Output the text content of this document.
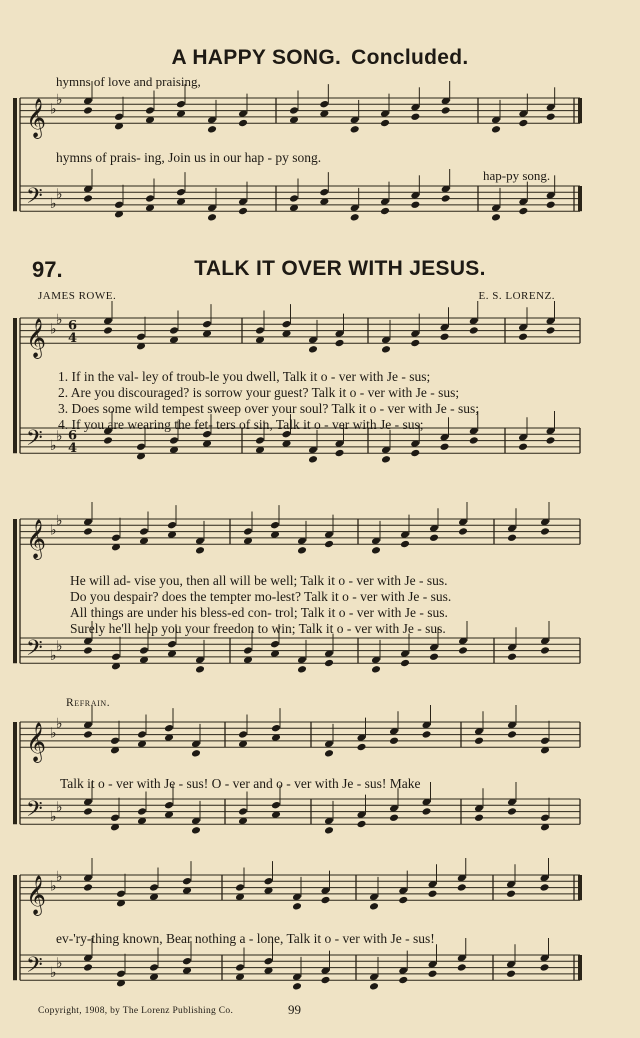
𝄞 ♭
♭
𝄢 ♭
♭
𝄞 ♭
♭ 6
4
𝄢 ♭
♭ 6
4
𝄞 ♭
♭
𝄢 ♭
♭
𝄞 ♭
♭
𝄢 ♭
♭
𝄞 ♭
♭
𝄢 ♭
♭
A HAPPY SONG. Concluded.
hymns of love and praising,
hymns of prais- ing, Join us in our hap - py song.
hap-py song.
97.	TALK IT OVER WITH JESUS.
JAMES ROWE.	E. S. LORENZ.
1. If in the val- ley of troub-le you dwell, Talk it o - ver with Je - sus;
2. Are you discouraged? is sorrow your guest? Talk it o - ver with Je - sus;
3. Does some wild tempest sweep over your soul? Talk it o - ver with Je - sus;
4. If you are wearing the fet- ters of sin, Talk it o - ver with Je - sus;
He will ad- vise you, then all will be well; Talk it o - ver with Je - sus.
Do you despair? does the tempter mo-lest? Talk it o - ver with Je - sus.
All things are under his bless-ed con- trol; Talk it o - ver with Je - sus.
Surely he'll help you your freedon to win; Talk it o - ver with Je - sus.
Refrain.
Talk it o - ver with Je - sus! O - ver and o - ver with Je - sus! Make
ev-'ry-thing known, Bear nothing a - lone, Talk it o - ver with Je - sus!
Copyright, 1908, by The Lorenz Publishing Co.	99
